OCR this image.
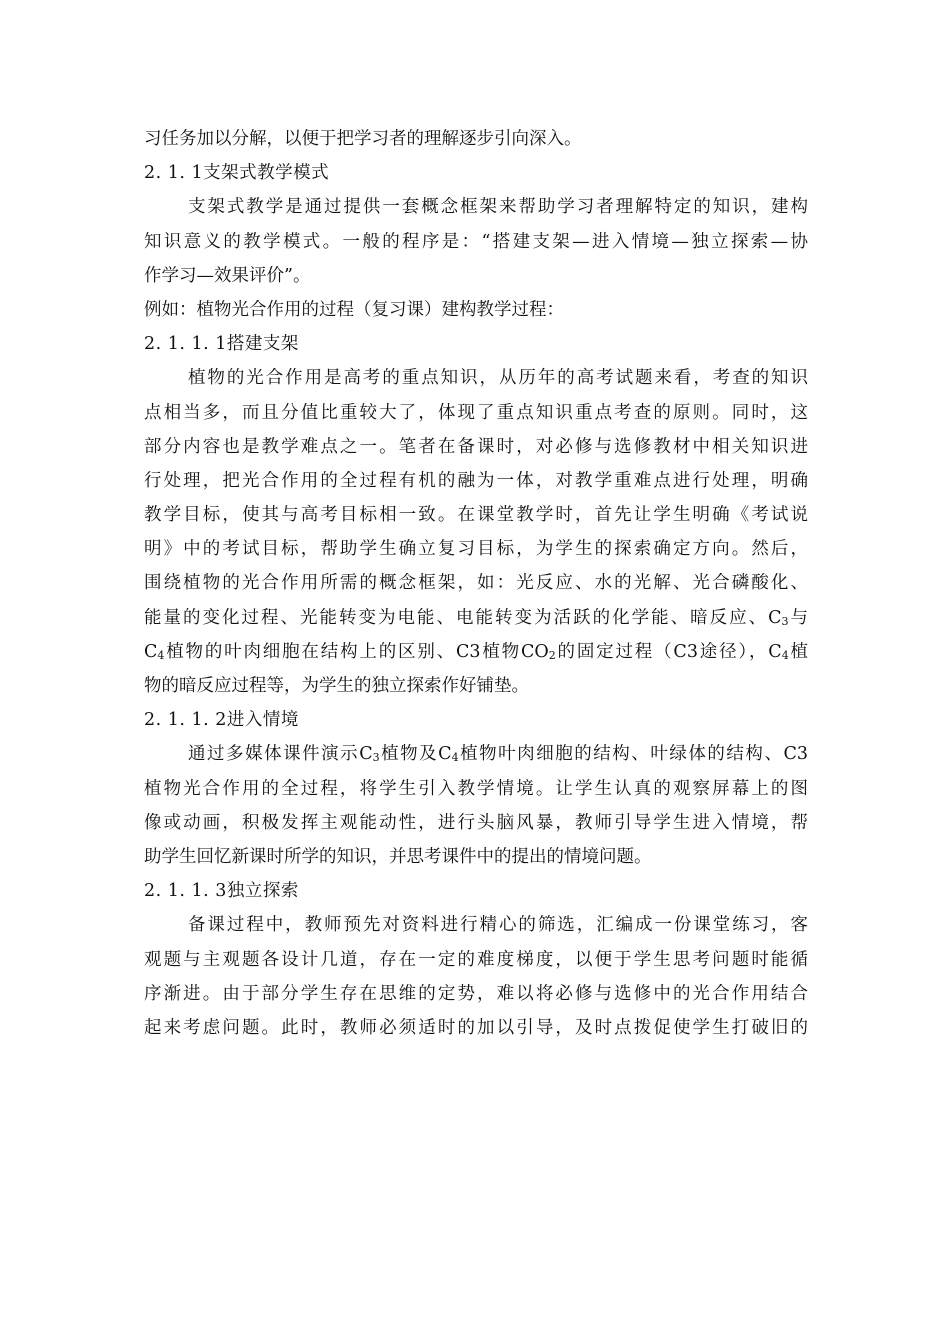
习任务加以分解，以便于把学习者的理解逐步引向深入。
2. 1. 1支架式教学模式
支架式教学是通过提供一套概念框架来帮助学习者理解特定的知识，建构
知识意义的教学模式。一般的程序是：“搭建支架—进入情境—独立探索—协
作学习—效果评价”。
例如：植物光合作用的过程（复习课）建构教学过程：
2. 1. 1. 1搭建支架
植物的光合作用是高考的重点知识，从历年的高考试题来看，考查的知识
点相当多，而且分值比重较大了，体现了重点知识重点考查的原则。同时，这
部分内容也是教学难点之一。笔者在备课时，对必修与选修教材中相关知识进
行处理，把光合作用的全过程有机的融为一体，对教学重难点进行处理，明确
教学目标，使其与高考目标相一致。在课堂教学时，首先让学生明确《考试说
明》中的考试目标，帮助学生确立复习目标，为学生的探索确定方向。然后，
围绕植物的光合作用所需的概念框架，如：光反应、水的光解、光合磷酸化、
能量的变化过程、光能转变为电能、电能转变为活跃的化学能、暗反应、$C_3$与
$C_4$植物的叶肉细胞在结构上的区别、C3植物$CO_2$的固定过程（C3途径），$C_4$植
物的暗反应过程等，为学生的独立探索作好铺垫。
2. 1. 1. 2进入情境
通过多媒体课件演示$C_3$植物及$C_4$植物叶肉细胞的结构、叶绿体的结构、C3
植物光合作用的全过程，将学生引入教学情境。让学生认真的观察屏幕上的图
像或动画，积极发挥主观能动性，进行头脑风暴，教师引导学生进入情境，帮
助学生回忆新课时所学的知识，并思考课件中的提出的情境问题。
2. 1. 1. 3独立探索
备课过程中，教师预先对资料进行精心的筛选，汇编成一份课堂练习，客
观题与主观题各设计几道，存在一定的难度梯度，以便于学生思考问题时能循
序渐进。由于部分学生存在思维的定势，难以将必修与选修中的光合作用结合
起来考虑问题。此时，教师必须适时的加以引导，及时点拨促使学生打破旧的
